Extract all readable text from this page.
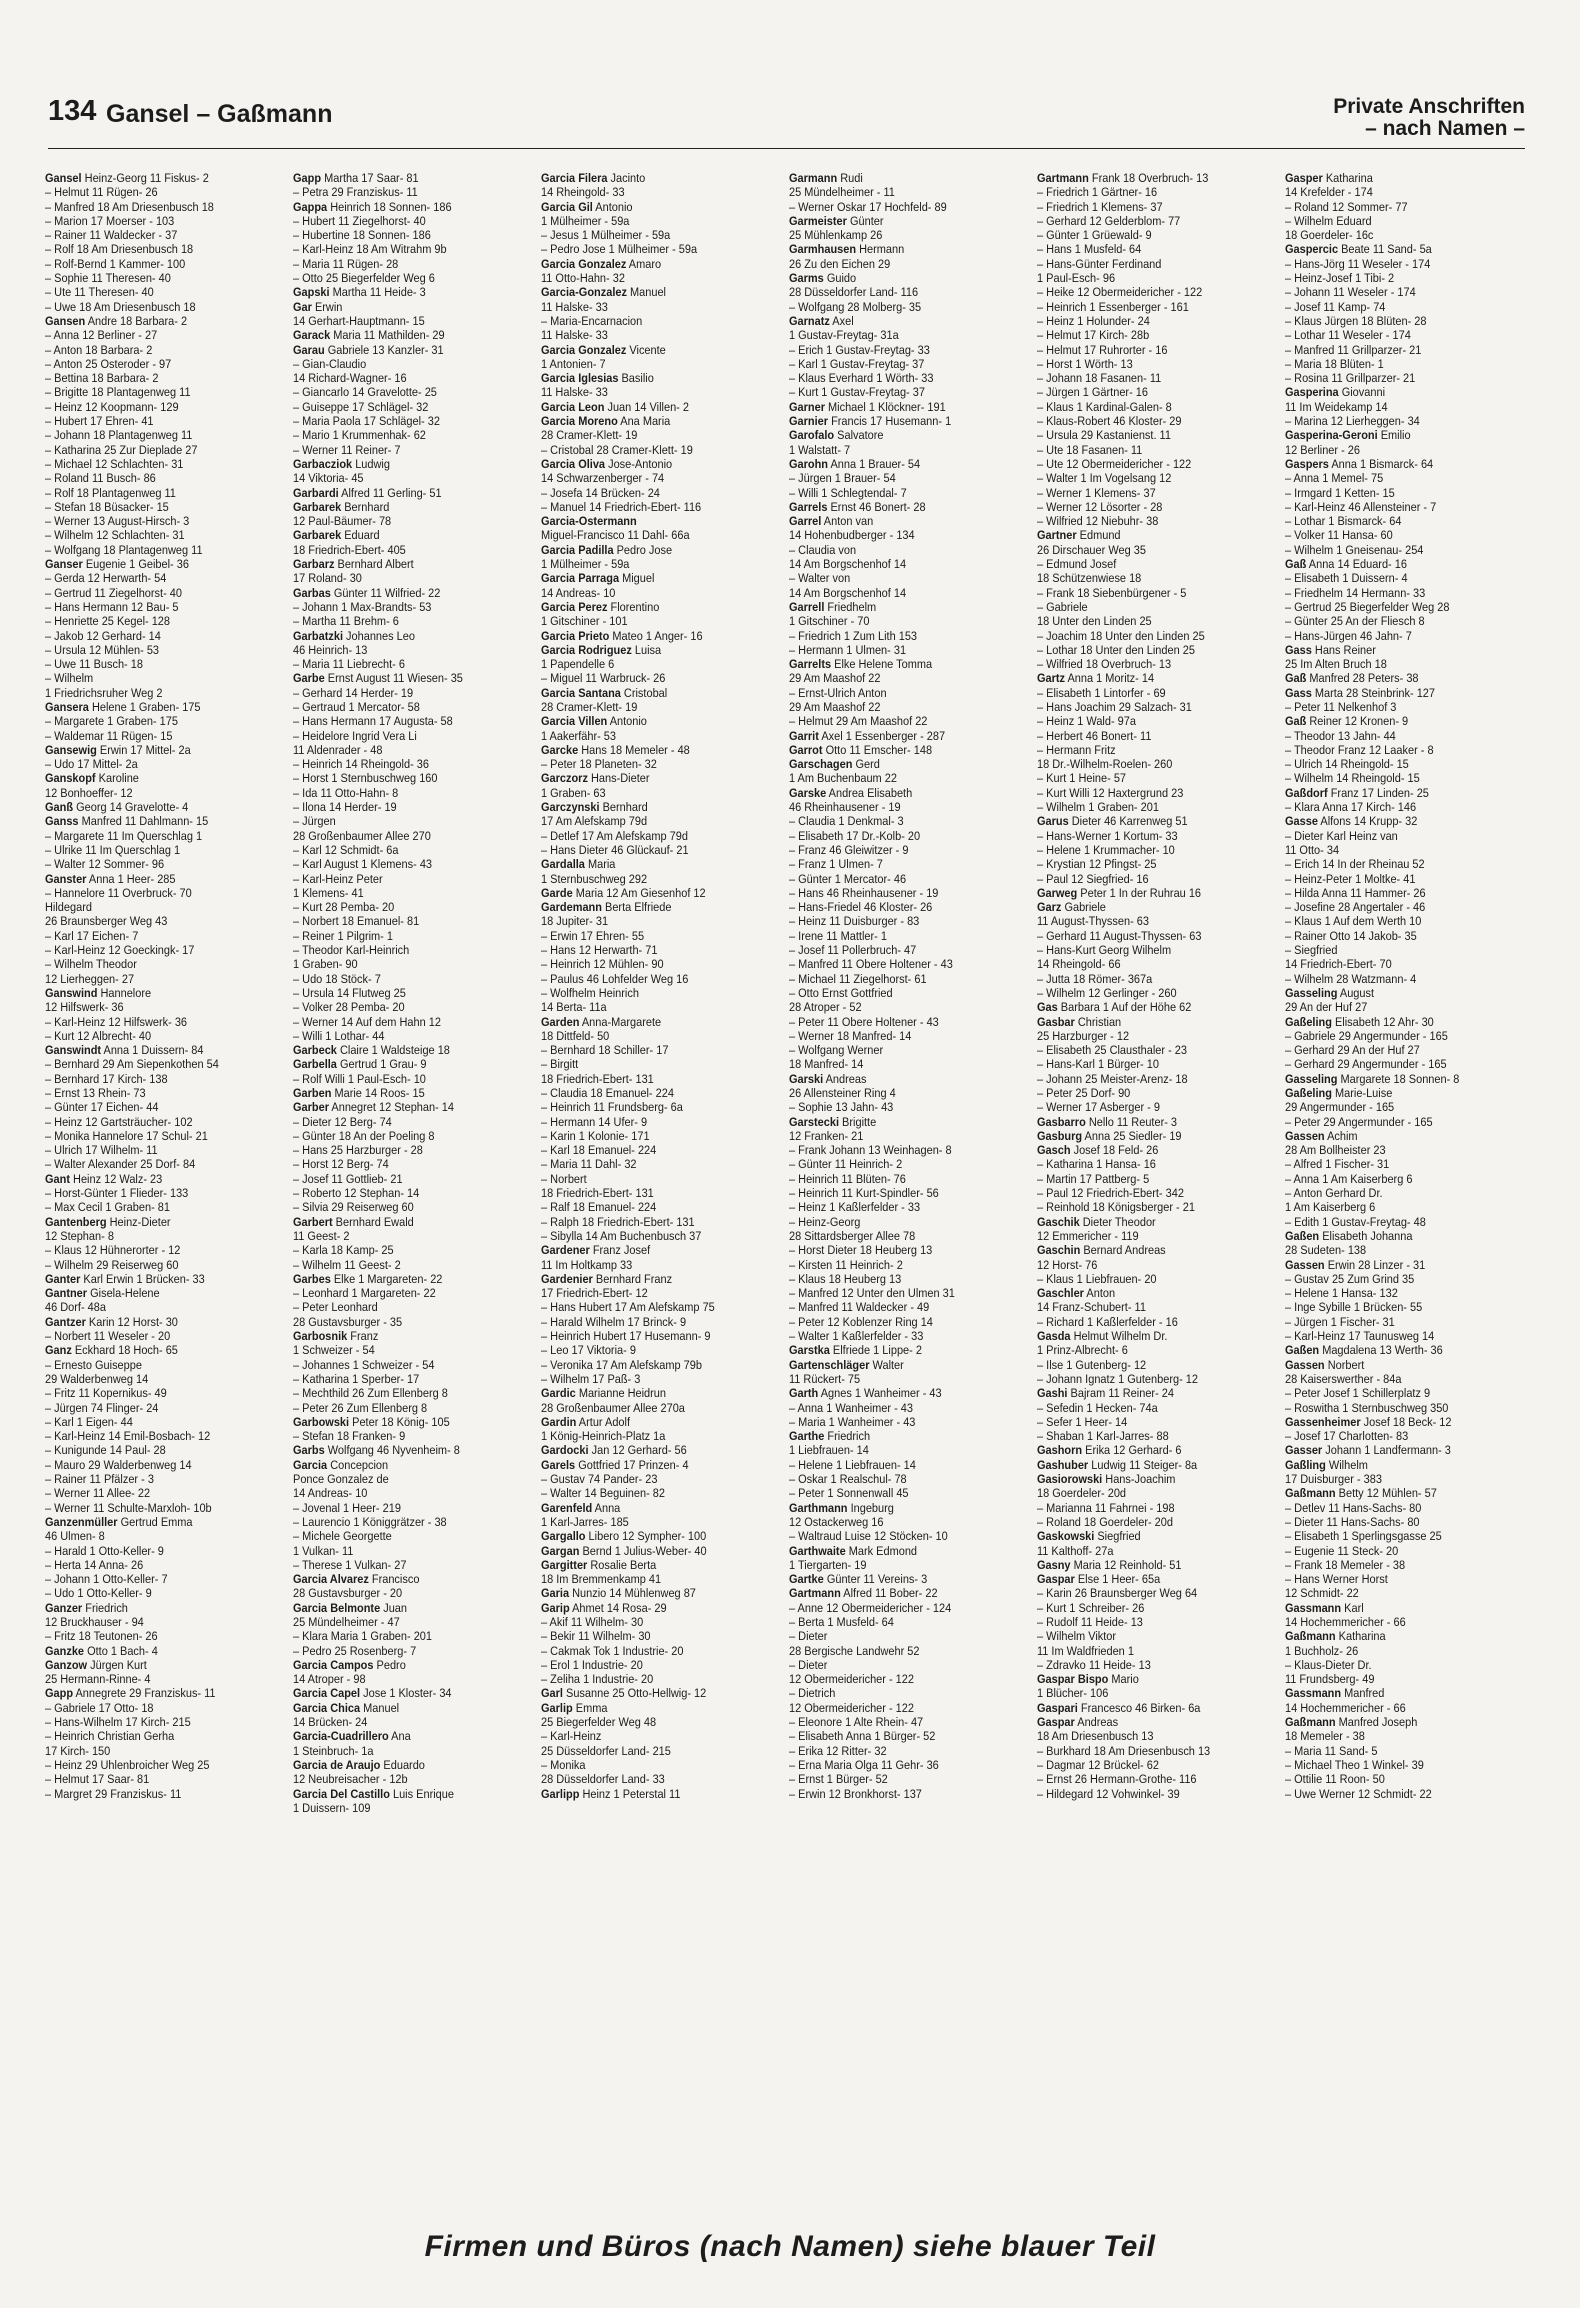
134 Gansel – Gaßmann	Private Anschriften
– nach Namen –
Gansel Heinz-Georg 11 Fiskus- 2
– Helmut 11 Rügen- 26
– Manfred 18 Am Driesenbusch 18
– Marion 17 Moerser - 103
– Rainer 11 Waldecker - 37
– Rolf 18 Am Driesenbusch 18
– Rolf-Bernd 1 Kammer- 100
– Sophie 11 Theresen- 40
– Ute 11 Theresen- 40
– Uwe 18 Am Driesenbusch 18
Gansen Andre 18 Barbara- 2
– Anna 12 Berliner - 27
– Anton 18 Barbara- 2
– Anton 25 Osteroder - 97
– Bettina 18 Barbara- 2
– Brigitte 18 Plantagenweg 11
– Heinz 12 Koopmann- 129
– Hubert 17 Ehren- 41
– Johann 18 Plantagenweg 11
– Katharina 25 Zur Dieplade 27
– Michael 12 Schlachten- 31
– Roland 11 Busch- 86
– Rolf 18 Plantagenweg 11
– Stefan 18 Büsacker- 15
– Werner 13 August-Hirsch- 3
– Wilhelm 12 Schlachten- 31
– Wolfgang 18 Plantagenweg 11
Ganser Eugenie 1 Geibel- 36
– Gerda 12 Herwarth- 54
– Gertrud 11 Ziegelhorst- 40
– Hans Hermann 12 Bau- 5
– Henriette 25 Kegel- 128
– Jakob 12 Gerhard- 14
– Ursula 12 Mühlen- 53
– Uwe 11 Busch- 18
– Wilhelm
1 Friedrichsruher Weg 2
Gansera Helene 1 Graben- 175
– Margarete 1 Graben- 175
– Waldemar 11 Rügen- 15
Gansewig Erwin 17 Mittel- 2a
– Udo 17 Mittel- 2a
Ganskopf Karoline
12 Bonhoeffer- 12
Ganß Georg 14 Gravelotte- 4
Ganss Manfred 11 Dahlmann- 15
– Margarete 11 Im Querschlag 1
– Ulrike 11 Im Querschlag 1
– Walter 12 Sommer- 96
Ganster Anna 1 Heer- 285
– Hannelore 11 Overbruck- 70
Hildegard
26 Braunsberger Weg 43
– Karl 17 Eichen- 7
– Karl-Heinz 12 Goeckingk- 17
– Wilhelm Theodor
12 Lierheggen- 27
Ganswind Hannelore
12 Hilfswerk- 36
– Karl-Heinz 12 Hilfswerk- 36
– Kurt 12 Albrecht- 40
Ganswindt Anna 1 Duissern- 84
– Bernhard 29 Am Siepenkothen 54
– Bernhard 17 Kirch- 138
– Ernst 13 Rhein- 73
– Günter 17 Eichen- 44
– Heinz 12 Gartsträucher- 102
– Monika Hannelore 17 Schul- 21
– Ulrich 17 Wilhelm- 11
– Walter Alexander 25 Dorf- 84
Gant Heinz 12 Walz- 23
– Horst-Günter 1 Flieder- 133
– Max Cecil 1 Graben- 81
Gantenberg Heinz-Dieter
12 Stephan- 8
– Klaus 12 Hühnerorter - 12
– Wilhelm 29 Reiserweg 60
Ganter Karl Erwin 1 Brücken- 33
Gantner Gisela-Helene
46 Dorf- 48a
Gantzer Karin 12 Horst- 30
– Norbert 11 Weseler - 20
Ganz Eckhard 18 Hoch- 65
– Ernesto Guiseppe
29 Walderbenweg 14
– Fritz 11 Kopernikus- 49
– Jürgen 74 Flinger- 24
– Karl 1 Eigen- 44
– Karl-Heinz 14 Emil-Bosbach- 12
– Kunigunde 14 Paul- 28
– Mauro 29 Walderbenweg 14
– Rainer 11 Pfälzer - 3
– Werner 11 Allee- 22
– Werner 11 Schulte-Marxloh- 10b
Ganzenmüller Gertrud Emma
46 Ulmen- 8
– Harald 1 Otto-Keller- 9
– Herta 14 Anna- 26
– Johann 1 Otto-Keller- 7
– Udo 1 Otto-Keller- 9
Ganzer Friedrich
12 Bruckhauser - 94
– Fritz 18 Teutonen- 26
Ganzke Otto 1 Bach- 4
Ganzow Jürgen Kurt
25 Hermann-Rinne- 4
Gapp Annegrete 29 Franziskus- 11
– Gabriele 17 Otto- 18
– Hans-Wilhelm 17 Kirch- 215
– Heinrich Christian Gerha
17 Kirch- 150
– Heinz 29 Uhlenbroicher Weg 25
– Helmut 17 Saar- 81
– Margret 29 Franziskus- 11
Gapp Martha 17 Saar- 81
– Petra 29 Franziskus- 11
Gappa Heinrich 18 Sonnen- 186
– Hubert 11 Ziegelhorst- 40
– Hubertine 18 Sonnen- 186
– Karl-Heinz 18 Am Witrahm 9b
– Maria 11 Rügen- 28
– Otto 25 Biegerfelder Weg 6
Gapski Martha 11 Heide- 3
Gar Erwin
14 Gerhart-Hauptmann- 15
Garack Maria 11 Mathilden- 29
Garau Gabriele 13 Kanzler- 31
– Gian-Claudio
14 Richard-Wagner- 16
– Giancarlo 14 Gravelotte- 25
– Guiseppe 17 Schlägel- 32
– Maria Paola 17 Schlägel- 32
– Mario 1 Krummenhak- 62
– Werner 11 Reiner- 7
Garbacziok Ludwig
14 Viktoria- 45
Garbardi Alfred 11 Gerling- 51
Garbarek Bernhard
12 Paul-Bäumer- 78
Garbarek Eduard
18 Friedrich-Ebert- 405
Garbarz Bernhard Albert
17 Roland- 30
Garbas Günter 11 Wilfried- 22
– Johann 1 Max-Brandts- 53
– Martha 11 Brehm- 6
Garbatzki Johannes Leo
46 Heinrich- 13
– Maria 11 Liebrecht- 6
Garbe Ernst August 11 Wiesen- 35
– Gerhard 14 Herder- 19
– Gertraud 1 Mercator- 58
– Hans Hermann 17 Augusta- 58
– Heidelore Ingrid Vera Li
11 Aldenrader - 48
– Heinrich 14 Rheingold- 36
– Horst 1 Sternbuschweg 160
– Ida 11 Otto-Hahn- 8
– Ilona 14 Herder- 19
– Jürgen
28 Großenbaumer Allee 270
– Karl 12 Schmidt- 6a
– Karl August 1 Klemens- 43
– Karl-Heinz Peter
1 Klemens- 41
– Kurt 28 Pemba- 20
– Norbert 18 Emanuel- 81
– Reiner 1 Pilgrim- 1
– Theodor Karl-Heinrich
1 Graben- 90
– Udo 18 Stöck- 7
– Ursula 14 Flutweg 25
– Volker 28 Pemba- 20
– Werner 14 Auf dem Hahn 12
– Willi 1 Lothar- 44
Garbeck Claire 1 Waldsteige 18
Garbella Gertrud 1 Grau- 9
– Rolf Willi 1 Paul-Esch- 10
Garben Marie 14 Roos- 15
Garber Annegret 12 Stephan- 14
– Dieter 12 Berg- 74
– Günter 18 An der Poeling 8
– Hans 25 Harzburger - 28
– Horst 12 Berg- 74
– Josef 11 Gottlieb- 21
– Roberto 12 Stephan- 14
– Silvia 29 Reiserweg 60
Garbert Bernhard Ewald
11 Geest- 2
– Karla 18 Kamp- 25
– Wilhelm 11 Geest- 2
Garbes Elke 1 Margareten- 22
– Leonhard 1 Margareten- 22
– Peter Leonhard
28 Gustavsburger - 35
Garbosnik Franz
1 Schweizer - 54
– Johannes 1 Schweizer - 54
– Katharina 1 Sperber- 17
– Mechthild 26 Zum Ellenberg 8
– Peter 26 Zum Ellenberg 8
Garbowski Peter 18 König- 105
– Stefan 18 Franken- 9
Garbs Wolfgang 46 Nyvenheim- 8
Garcia Concepcion
Ponce Gonzalez de
14 Andreas- 10
– Jovenal 1 Heer- 219
– Laurencio 1 Königgrätzer - 38
– Michele Georgette
1 Vulkan- 11
– Therese 1 Vulkan- 27
Garcia Alvarez Francisco
28 Gustavsburger - 20
Garcia Belmonte Juan
25 Mündelheimer - 47
– Klara Maria 1 Graben- 201
– Pedro 25 Rosenberg- 7
Garcia Campos Pedro
14 Atroper - 98
Garcia Capel Jose 1 Kloster- 34
Garcia Chica Manuel
14 Brücken- 24
Garcia-Cuadrillero Ana
1 Steinbruch- 1a
Garcia de Araujo Eduardo
12 Neubreisacher - 12b
Garcia Del Castillo Luis Enrique
1 Duissern- 109
Garcia Filera Jacinto
14 Rheingold- 33
Garcia Gil Antonio
1 Mülheimer - 59a
– Jesus 1 Mülheimer - 59a
– Pedro Jose 1 Mülheimer - 59a
Garcia Gonzalez Amaro
11 Otto-Hahn- 32
Garcia-Gonzalez Manuel
11 Halske- 33
– Maria-Encarnacion
11 Halske- 33
Garcia Gonzalez Vicente
1 Antonien- 7
Garcia Iglesias Basilio
11 Halske- 33
Garcia Leon Juan 14 Villen- 2
Garcia Moreno Ana Maria
28 Cramer-Klett- 19
– Cristobal 28 Cramer-Klett- 19
Garcia Oliva Jose-Antonio
14 Schwarzenberger - 74
– Josefa 14 Brücken- 24
– Manuel 14 Friedrich-Ebert- 116
Garcia-Ostermann
Miguel-Francisco 11 Dahl- 66a
Garcia Padilla Pedro Jose
1 Mülheimer - 59a
Garcia Parraga Miguel
14 Andreas- 10
Garcia Perez Florentino
1 Gitschiner - 101
Garcia Prieto Mateo 1 Anger- 16
Garcia Rodriguez Luisa
1 Papendelle 6
– Miguel 11 Warbruck- 26
Garcia Santana Cristobal
28 Cramer-Klett- 19
Garcia Villen Antonio
1 Aakerfähr- 53
Garcke Hans 18 Memeler - 48
– Peter 18 Planeten- 32
Garczorz Hans-Dieter
1 Graben- 63
Garczynski Bernhard
17 Am Alefskamp 79d
– Detlef 17 Am Alefskamp 79d
– Hans Dieter 46 Glückauf- 21
Gardalla Maria
1 Sternbuschweg 292
Garde Maria 12 Am Giesenhof 12
Gardemann Berta Elfriede
18 Jupiter- 31
– Erwin 17 Ehren- 55
– Hans 12 Herwarth- 71
– Heinrich 12 Mühlen- 90
– Paulus 46 Lohfelder Weg 16
– Wolfhelm Heinrich
14 Berta- 11a
Garden Anna-Margarete
18 Dittfeld- 50
– Bernhard 18 Schiller- 17
– Birgitt
18 Friedrich-Ebert- 131
– Claudia 18 Emanuel- 224
– Heinrich 11 Frundsberg- 6a
– Hermann 14 Ufer- 9
– Karin 1 Kolonie- 171
– Karl 18 Emanuel- 224
– Maria 11 Dahl- 32
– Norbert
18 Friedrich-Ebert- 131
– Ralf 18 Emanuel- 224
– Ralph 18 Friedrich-Ebert- 131
– Sibylla 14 Am Buchenbusch 37
Gardener Franz Josef
11 Im Holtkamp 33
Gardenier Bernhard Franz
17 Friedrich-Ebert- 12
– Hans Hubert 17 Am Alefskamp 75
– Harald Wilhelm 17 Brinck- 9
– Heinrich Hubert 17 Husemann- 9
– Leo 17 Viktoria- 9
– Veronika 17 Am Alefskamp 79b
– Wilhelm 17 Paß- 3
Gardic Marianne Heidrun
28 Großenbaumer Allee 270a
Gardin Artur Adolf
1 König-Heinrich-Platz 1a
Gardocki Jan 12 Gerhard- 56
Garels Gottfried 17 Prinzen- 4
– Gustav 74 Pander- 23
– Walter 14 Beguinen- 82
Garenfeld Anna
1 Karl-Jarres- 185
Gargallo Libero 12 Sympher- 100
Gargan Bernd 1 Julius-Weber- 40
Gargitter Rosalie Berta
18 Im Bremmenkamp 41
Garia Nunzio 14 Mühlenweg 87
Garip Ahmet 14 Rosa- 29
– Akif 11 Wilhelm- 30
– Bekir 11 Wilhelm- 30
– Cakmak Tok 1 Industrie- 20
– Erol 1 Industrie- 20
– Zeliha 1 Industrie- 20
Garl Susanne 25 Otto-Hellwig- 12
Garlip Emma
25 Biegerfelder Weg 48
– Karl-Heinz
25 Düsseldorfer Land- 215
– Monika
28 Düsseldorfer Land- 33
Garlipp Heinz 1 Peterstal 11
Garmann Rudi
25 Mündelheimer - 11
– Werner Oskar 17 Hochfeld- 89
Garmeister Günter
25 Mühlenkamp 26
Garmhausen Hermann
26 Zu den Eichen 29
Garms Guido
28 Düsseldorfer Land- 116
– Wolfgang 28 Molberg- 35
Garnatz Axel
1 Gustav-Freytag- 31a
– Erich 1 Gustav-Freytag- 33
– Karl 1 Gustav-Freytag- 37
– Klaus Everhard 1 Wörth- 33
– Kurt 1 Gustav-Freytag- 37
Garner Michael 1 Klöckner- 191
Garnier Francis 17 Husemann- 1
Garofalo Salvatore
1 Walstatt- 7
Garohn Anna 1 Brauer- 54
– Jürgen 1 Brauer- 54
– Willi 1 Schlegtendal- 7
Garrels Ernst 46 Bonert- 28
Garrel Anton van
14 Hohenbudberger - 134
– Claudia von
14 Am Borgschenhof 14
– Walter von
14 Am Borgschenhof 14
Garrell Friedhelm
1 Gitschiner - 70
– Friedrich 1 Zum Lith 153
– Hermann 1 Ulmen- 31
Garrelts Elke Helene Tomma
29 Am Maashof 22
– Ernst-Ulrich Anton
29 Am Maashof 22
– Helmut 29 Am Maashof 22
Garrit Axel 1 Essenberger - 287
Garrot Otto 11 Emscher- 148
Garschagen Gerd
1 Am Buchenbaum 22
Garske Andrea Elisabeth
46 Rheinhausener - 19
– Claudia 1 Denkmal- 3
– Elisabeth 17 Dr.-Kolb- 20
– Franz 46 Gleiwitzer - 9
– Franz 1 Ulmen- 7
– Günter 1 Mercator- 46
– Hans 46 Rheinhausener - 19
– Hans-Friedel 46 Kloster- 26
– Heinz 11 Duisburger - 83
– Irene 11 Mattler- 1
– Josef 11 Pollerbruch- 47
– Manfred 11 Obere Holtener - 43
– Michael 11 Ziegelhorst- 61
– Otto Ernst Gottfried
28 Atroper - 52
– Peter 11 Obere Holtener - 43
– Werner 18 Manfred- 14
– Wolfgang Werner
18 Manfred- 14
Garski Andreas
26 Allensteiner Ring 4
– Sophie 13 Jahn- 43
Garstecki Brigitte
12 Franken- 21
– Frank Johann 13 Weinhagen- 8
– Günter 11 Heinrich- 2
– Heinrich 11 Blüten- 76
– Heinrich 11 Kurt-Spindler- 56
– Heinz 1 Kaßlerfelder - 33
– Heinz-Georg
28 Sittardsberger Allee 78
– Horst Dieter 18 Heuberg 13
– Kirsten 11 Heinrich- 2
– Klaus 18 Heuberg 13
– Manfred 12 Unter den Ulmen 31
– Manfred 11 Waldecker - 49
– Peter 12 Koblenzer Ring 14
– Walter 1 Kaßlerfelder - 33
Garstka Elfriede 1 Lippe- 2
Gartenschläger Walter
11 Rückert- 75
Garth Agnes 1 Wanheimer - 43
– Anna 1 Wanheimer - 43
– Maria 1 Wanheimer - 43
Garthe Friedrich
1 Liebfrauen- 14
– Helene 1 Liebfrauen- 14
– Oskar 1 Realschul- 78
– Peter 1 Sonnenwall 45
Garthmann Ingeburg
12 Ostackerweg 16
– Waltraud Luise 12 Stöcken- 10
Garthwaite Mark Edmond
1 Tiergarten- 19
Gartke Günter 11 Vereins- 3
Gartmann Alfred 11 Bober- 22
– Anne 12 Obermeidericher - 124
– Berta 1 Musfeld- 64
– Dieter
28 Bergische Landwehr 52
– Dieter
12 Obermeidericher - 122
– Dietrich
12 Obermeidericher - 122
– Eleonore 1 Alte Rhein- 47
– Elisabeth Anna 1 Bürger- 52
– Erika 12 Ritter- 32
– Erna Maria Olga 11 Gehr- 36
– Ernst 1 Bürger- 52
– Erwin 12 Bronkhorst- 137
Gartmann Frank 18 Overbruch- 13
– Friedrich 1 Gärtner- 16
– Friedrich 1 Klemens- 37
– Gerhard 12 Gelderblom- 77
– Günter 1 Grüewald- 9
– Hans 1 Musfeld- 64
– Hans-Günter Ferdinand
1 Paul-Esch- 96
– Heike 12 Obermeidericher - 122
– Heinrich 1 Essenberger - 161
– Heinz 1 Holunder- 24
– Helmut 17 Kirch- 28b
– Helmut 17 Ruhrorter - 16
– Horst 1 Wörth- 13
– Johann 18 Fasanen- 11
– Jürgen 1 Gärtner- 16
– Klaus 1 Kardinal-Galen- 8
– Klaus-Robert 46 Kloster- 29
– Ursula 29 Kastanienst. 11
– Ute 18 Fasanen- 11
– Ute 12 Obermeidericher - 122
– Walter 1 Im Vogelsang 12
– Werner 1 Klemens- 37
– Werner 12 Lösorter - 28
– Wilfried 12 Niebuhr- 38
Gartner Edmund
26 Dirschauer Weg 35
– Edmund Josef
18 Schützenwiese 18
– Frank 18 Siebenbürgener - 5
– Gabriele
18 Unter den Linden 25
– Joachim 18 Unter den Linden 25
– Lothar 18 Unter den Linden 25
– Wilfried 18 Overbruch- 13
Gartz Anna 1 Moritz- 14
– Elisabeth 1 Lintorfer - 69
– Hans Joachim 29 Salzach- 31
– Heinz 1 Wald- 97a
– Herbert 46 Bonert- 11
– Hermann Fritz
18 Dr.-Wilhelm-Roelen- 260
– Kurt 1 Heine- 57
– Kurt Willi 12 Haxtergrund 23
– Wilhelm 1 Graben- 201
Garus Dieter 46 Karrenweg 51
– Hans-Werner 1 Kortum- 33
– Helene 1 Krummacher- 10
– Krystian 12 Pfingst- 25
– Paul 12 Siegfried- 16
Garweg Peter 1 In der Ruhrau 16
Garz Gabriele
11 August-Thyssen- 63
– Gerhard 11 August-Thyssen- 63
– Hans-Kurt Georg Wilhelm
14 Rheingold- 66
– Jutta 18 Römer- 367a
– Wilhelm 12 Gerlinger - 260
Gas Barbara 1 Auf der Höhe 62
Gasbar Christian
25 Harzburger - 12
– Elisabeth 25 Clausthaler - 23
– Hans-Karl 1 Bürger- 10
– Johann 25 Meister-Arenz- 18
– Peter 25 Dorf- 90
– Werner 17 Asberger - 9
Gasbarro Nello 11 Reuter- 3
Gasburg Anna 25 Siedler- 19
Gasch Josef 18 Feld- 26
– Katharina 1 Hansa- 16
– Martin 17 Pattberg- 5
– Paul 12 Friedrich-Ebert- 342
– Reinhold 18 Königsberger - 21
Gaschik Dieter Theodor
12 Emmericher - 119
Gaschin Bernard Andreas
12 Horst- 76
– Klaus 1 Liebfrauen- 20
Gaschler Anton
14 Franz-Schubert- 11
– Richard 1 Kaßlerfelder - 16
Gasda Helmut Wilhelm Dr.
1 Prinz-Albrecht- 6
– Ilse 1 Gutenberg- 12
– Johann Ignatz 1 Gutenberg- 12
Gashi Bajram 11 Reiner- 24
– Sefedin 1 Hecken- 74a
– Sefer 1 Heer- 14
– Shaban 1 Karl-Jarres- 88
Gashorn Erika 12 Gerhard- 6
Gashuber Ludwig 11 Steiger- 8a
Gasiorowski Hans-Joachim
18 Goerdeler- 20d
– Marianna 11 Fahrnei - 198
– Roland 18 Goerdeler- 20d
Gaskowski Siegfried
11 Kalthoff- 27a
Gasny Maria 12 Reinhold- 51
Gaspar Else 1 Heer- 65a
– Karin 26 Braunsberger Weg 64
– Kurt 1 Schreiber- 26
– Rudolf 11 Heide- 13
– Wilhelm Viktor
11 Im Waldfrieden 1
– Zdravko 11 Heide- 13
Gaspar Bispo Mario
1 Blücher- 106
Gaspari Francesco 46 Birken- 6a
Gaspar Andreas
18 Am Driesenbusch 13
– Burkhard 18 Am Driesenbusch 13
– Dagmar 12 Brückel- 62
– Ernst 26 Hermann-Grothe- 116
– Hildegard 12 Vohwinkel- 39
Gasper Katharina
14 Krefelder - 174
– Roland 12 Sommer- 77
– Wilhelm Eduard
18 Goerdeler- 16c
Gaspercic Beate 11 Sand- 5a
– Hans-Jörg 11 Weseler - 174
– Heinz-Josef 1 Tibi- 2
– Johann 11 Weseler - 174
– Josef 11 Kamp- 74
– Klaus Jürgen 18 Blüten- 28
– Lothar 11 Weseler - 174
– Manfred 11 Grillparzer- 21
– Maria 18 Blüten- 1
– Rosina 11 Grillparzer- 21
Gasperina Giovanni
11 Im Weidekamp 14
– Marina 12 Lierheggen- 34
Gasperina-Geroni Emilio
12 Berliner - 26
Gaspers Anna 1 Bismarck- 64
– Anna 1 Memel- 75
– Irmgard 1 Ketten- 15
– Karl-Heinz 46 Allensteiner - 7
– Lothar 1 Bismarck- 64
– Volker 11 Hansa- 60
– Wilhelm 1 Gneisenau- 254
Gaß Anna 14 Eduard- 16
– Elisabeth 1 Duissern- 4
– Friedhelm 14 Hermann- 33
– Gertrud 25 Biegerfelder Weg 28
– Günter 25 An der Fliesch 8
– Hans-Jürgen 46 Jahn- 7
Gass Hans Reiner
25 Im Alten Bruch 18
Gaß Manfred 28 Peters- 38
Gass Marta 28 Steinbrink- 127
– Peter 11 Nelkenhof 3
Gaß Reiner 12 Kronen- 9
– Theodor 13 Jahn- 44
– Theodor Franz 12 Laaker - 8
– Ulrich 14 Rheingold- 15
– Wilhelm 14 Rheingold- 15
Gaßdorf Franz 17 Linden- 25
– Klara Anna 17 Kirch- 146
Gasse Alfons 14 Krupp- 32
– Dieter Karl Heinz van
11 Otto- 34
– Erich 14 In der Rheinau 52
– Heinz-Peter 1 Moltke- 41
– Hilda Anna 11 Hammer- 26
– Josefine 28 Angertaler - 46
– Klaus 1 Auf dem Werth 10
– Rainer Otto 14 Jakob- 35
– Siegfried
14 Friedrich-Ebert- 70
– Wilhelm 28 Watzmann- 4
Gasseling August
29 An der Huf 27
Gaßeling Elisabeth 12 Ahr- 30
– Gabriele 29 Angermunder - 165
– Gerhard 29 An der Huf 27
– Gerhard 29 Angermunder - 165
Gasseling Margarete 18 Sonnen- 8
Gaßeling Marie-Luise
29 Angermunder - 165
– Peter 29 Angermunder - 165
Gassen Achim
28 Am Bollheister 23
– Alfred 1 Fischer- 31
– Anna 1 Am Kaiserberg 6
– Anton Gerhard Dr.
1 Am Kaiserberg 6
– Edith 1 Gustav-Freytag- 48
Gaßen Elisabeth Johanna
28 Sudeten- 138
Gassen Erwin 28 Linzer - 31
– Gustav 25 Zum Grind 35
– Helene 1 Hansa- 132
– Inge Sybille 1 Brücken- 55
– Jürgen 1 Fischer- 31
– Karl-Heinz 17 Taunusweg 14
Gaßen Magdalena 13 Werth- 36
Gassen Norbert
28 Kaiserswerther - 84a
– Peter Josef 1 Schillerplatz 9
– Roswitha 1 Sternbuschweg 350
Gassenheimer Josef 18 Beck- 12
– Josef 17 Charlotten- 83
Gasser Johann 1 Landfermann- 3
Gaßling Wilhelm
17 Duisburger - 383
Gaßmann Betty 12 Mühlen- 57
– Detlev 11 Hans-Sachs- 80
– Dieter 11 Hans-Sachs- 80
– Elisabeth 1 Sperlingsgasse 25
– Eugenie 11 Steck- 20
– Frank 18 Memeler - 38
– Hans Werner Horst
12 Schmidt- 22
Gassmann Karl
14 Hochemmericher - 66
Gaßmann Katharina
1 Buchholz- 26
– Klaus-Dieter Dr.
11 Frundsberg- 49
Gassmann Manfred
14 Hochemmericher - 66
Gaßmann Manfred Joseph
18 Memeler - 38
– Maria 11 Sand- 5
– Michael Theo 1 Winkel- 39
– Ottilie 11 Roon- 50
– Uwe Werner 12 Schmidt- 22
Firmen und Büros (nach Namen) siehe blauer Teil
